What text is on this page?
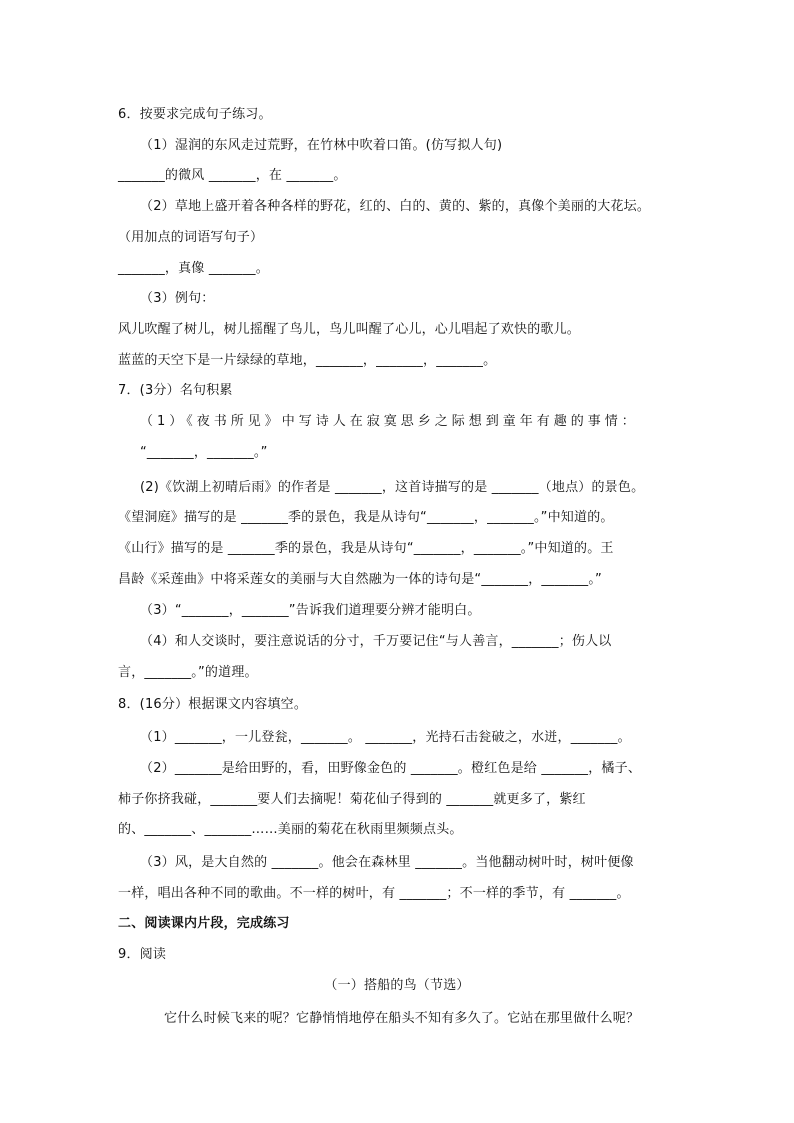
6．按要求完成句子练习。
（1）湿润的东风走过荒野，在竹林中吹着口笛。(仿写拟人句)
_______的微风 _______，在 _______。
（2）草地上盛开着各种各样的野花，红的、白的、黄的、紫的，真像个美丽的大花坛。
（用加点的词语写句子）
_______，真像 _______。
（3）例句：
风儿吹醒了树儿，树儿摇醒了鸟儿，鸟儿叫醒了心儿，心儿唱起了欢快的歌儿。
蓝蓝的天空下是一片绿绿的草地，_______，_______，_______。
7．(3分）名句积累
（1）《夜书所见》中写诗人在寂寞思乡之际想到童年有趣的事情：
“_______，_______。”
(2)《饮湖上初晴后雨》的作者是 _______，这首诗描写的是 _______（地点）的景色。
《望洞庭》描写的是 _______季的景色，我是从诗句“_______，_______。”中知道的。
《山行》描写的是 _______季的景色，我是从诗句“_______，_______。”中知道的。王
昌龄《采莲曲》中将采莲女的美丽与大自然融为一体的诗句是“_______，_______。”
（3）“_______，_______”告诉我们道理要分辨才能明白。
（4）和人交谈时，要注意说话的分寸，千万要记住“与人善言，_______；伤人以
言，_______。”的道理。
8．(16分）根据课文内容填空。
（1）_______，一儿登瓮，_______。 _______，光持石击瓮破之，水迸，_______。
（2）_______是给田野的，看，田野像金色的 _______。橙红色是给 _______，橘子、
柿子你挤我碰，_______要人们去摘呢！菊花仙子得到的 _______就更多了，紫红
的、_______、_______……美丽的菊花在秋雨里频频点头。
（3）风，是大自然的 _______。他会在森林里 _______。当他翻动树叶时，树叶便像
一样，唱出各种不同的歌曲。不一样的树叶，有 _______；不一样的季节，有 _______。
二、阅读课内片段，完成练习
9．阅读
（一）搭船的鸟（节选）
它什么时候飞来的呢？它静悄悄地停在船头不知有多久了。它站在那里做什么呢？
